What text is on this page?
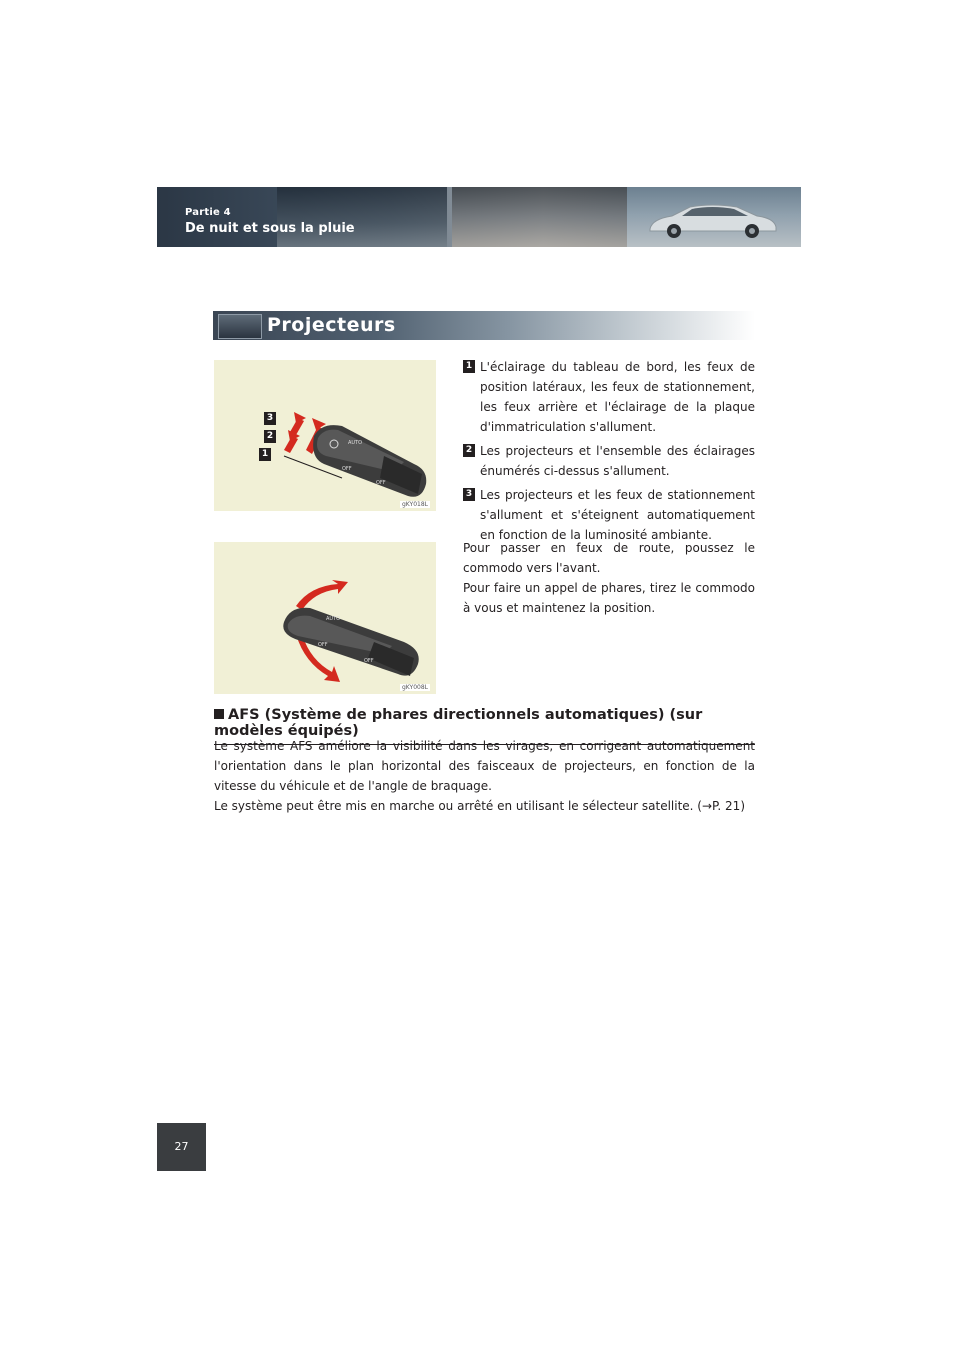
Partie 4
De nuit et sous la pluie
Projecteurs
AUTO
OFF
OFF
3
2
1
gKY018L
AUTO
OFF
OFF
gKY008L
1 L'éclairage du tableau de bord, les feux de position latéraux, les feux de stationnement, les feux arrière et l'éclairage de la plaque d'immatriculation s'allument.
2 Les projecteurs et l'ensemble des éclairages énumérés ci-dessus s'allument.
3 Les projecteurs et les feux de stationnement s'allument et s'éteignent automatiquement en fonction de la luminosité ambiante.

Pour passer en feux de route, poussez le commodo vers l'avant.

Pour faire un appel de phares, tirez le commodo à vous et maintenez la position.

AFS (Système de phares directionnels automatiques) (sur modèles équipés)

Le système AFS améliore la visibilité dans les virages, en corrigeant automatiquement l'orientation dans le plan horizontal des faisceaux de projecteurs, en fonction de la vitesse du véhicule et de l'angle de braquage.

Le système peut être mis en marche ou arrêté en utilisant le sélecteur satellite. (→P. 21)

27
